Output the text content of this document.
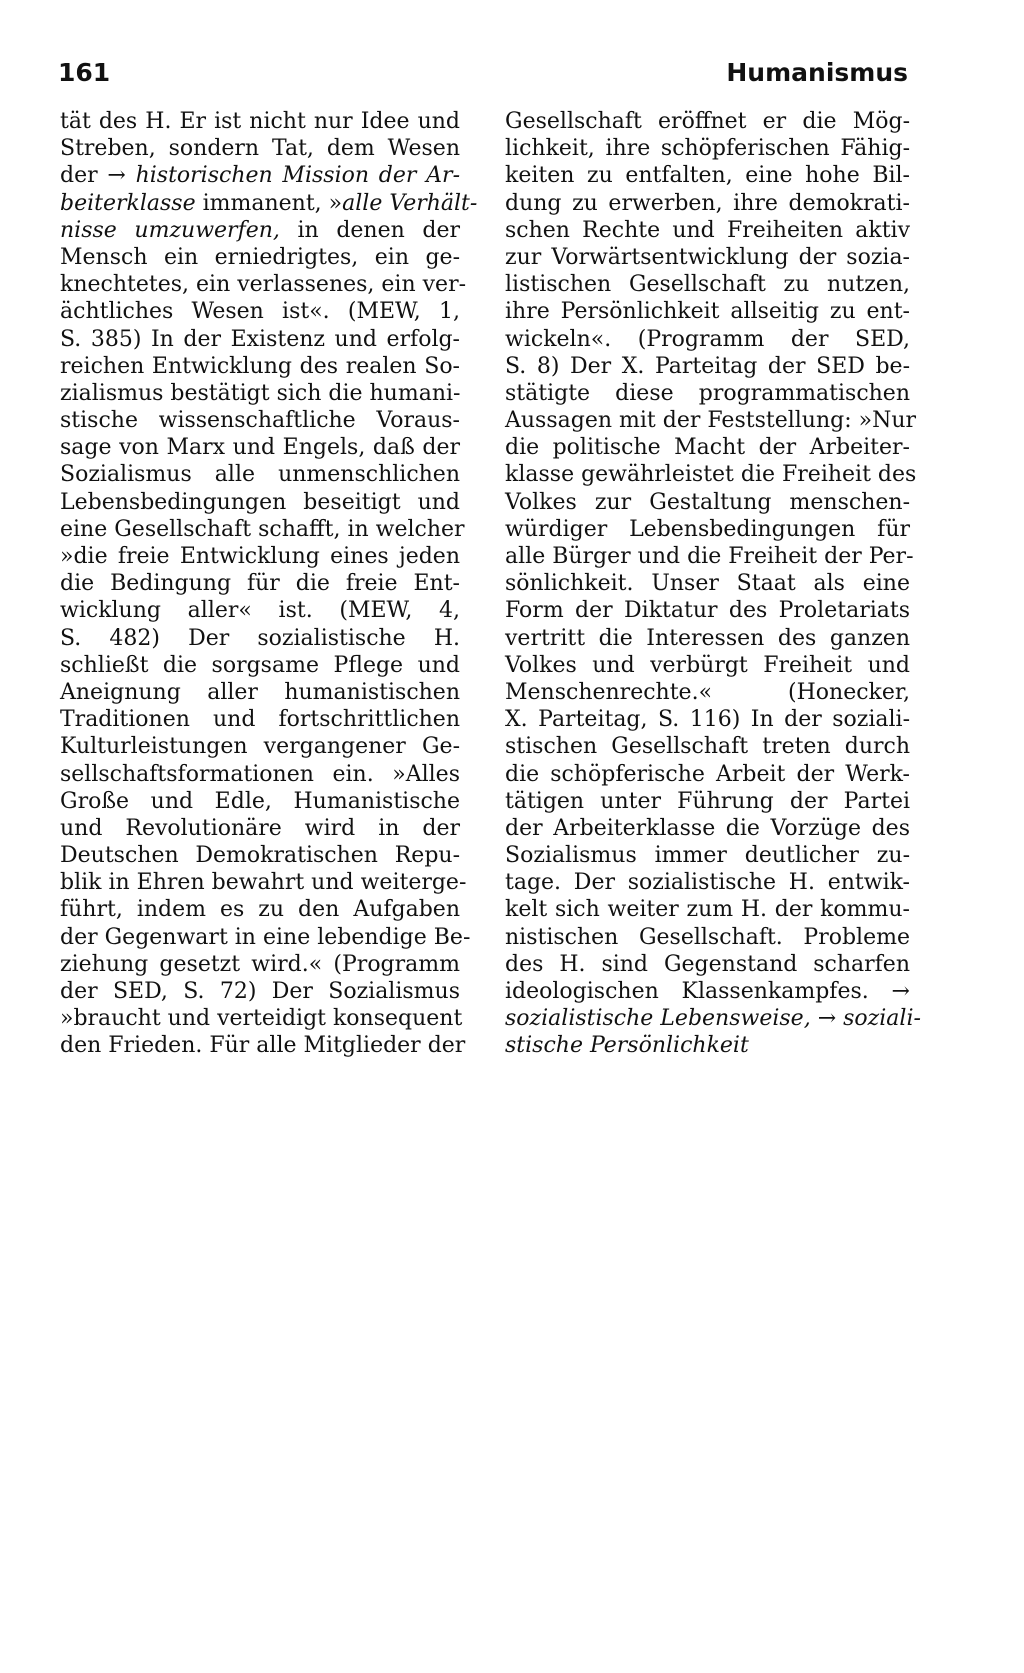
161	Humanismus
tät des H. Er ist nicht nur Idee und
Streben, sondern Tat, dem Wesen
der → historischen Mission der Ar-
beiterklasse immanent, »alle Verhält-
nisse umzuwerfen, in denen der
Mensch ein erniedrigtes, ein ge-
knechtetes, ein verlassenes, ein ver-
ächtliches Wesen ist«. (MEW, 1,
S. 385) In der Existenz und erfolg-
reichen Entwicklung des realen So-
zialismus bestätigt sich die humani-
stische wissenschaftliche Voraus-
sage von Marx und Engels, daß der
Sozialismus alle unmenschlichen
Lebensbedingungen beseitigt und
eine Gesellschaft schafft, in welcher
»die freie Entwicklung eines jeden
die Bedingung für die freie Ent-
wicklung aller« ist. (MEW, 4,
S. 482) Der sozialistische H.
schließt die sorgsame Pflege und
Aneignung aller humanistischen
Traditionen und fortschrittlichen
Kulturleistungen vergangener Ge-
sellschaftsformationen ein. »Alles
Große und Edle, Humanistische
und Revolutionäre wird in der
Deutschen Demokratischen Repu-
blik in Ehren bewahrt und weiterge-
führt, indem es zu den Aufgaben
der Gegenwart in eine lebendige Be-
ziehung gesetzt wird.« (Programm
der SED, S. 72) Der Sozialismus
»braucht und verteidigt konsequent
den Frieden. Für alle Mitglieder der
Gesellschaft eröffnet er die Mög-
lichkeit, ihre schöpferischen Fähig-
keiten zu entfalten, eine hohe Bil-
dung zu erwerben, ihre demokrati-
schen Rechte und Freiheiten aktiv
zur Vorwärtsentwicklung der sozia-
listischen Gesellschaft zu nutzen,
ihre Persönlichkeit allseitig zu ent-
wickeln«. (Programm der SED,
S. 8) Der X. Parteitag der SED be-
stätigte diese programmatischen
Aussagen mit der Feststellung: »Nur
die politische Macht der Arbeiter-
klasse gewährleistet die Freiheit des
Volkes zur Gestaltung menschen-
würdiger Lebensbedingungen für
alle Bürger und die Freiheit der Per-
sönlichkeit. Unser Staat als eine
Form der Diktatur des Proletariats
vertritt die Interessen des ganzen
Volkes und verbürgt Freiheit und
Menschenrechte.« (Honecker,
X. Parteitag, S. 116) In der soziali-
stischen Gesellschaft treten durch
die schöpferische Arbeit der Werk-
tätigen unter Führung der Partei
der Arbeiterklasse die Vorzüge des
Sozialismus immer deutlicher zu-
tage. Der sozialistische H. entwik-
kelt sich weiter zum H. der kommu-
nistischen Gesellschaft. Probleme
des H. sind Gegenstand scharfen
ideologischen Klassenkampfes. →
sozialistische Lebensweise, → soziali-
stische Persönlichkeit
